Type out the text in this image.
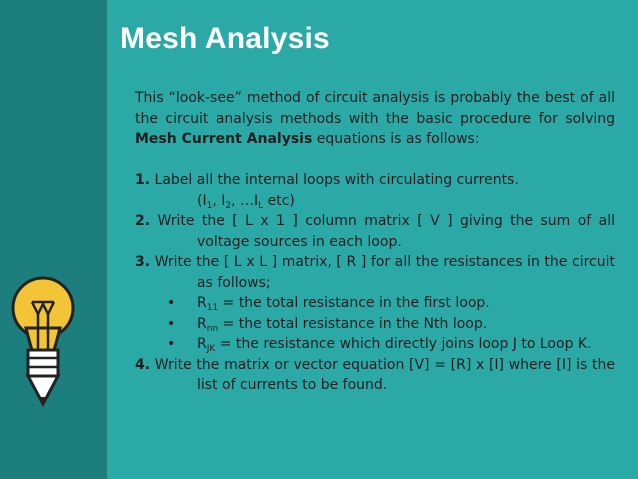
Mesh Analysis

This “look-see” method of circuit analysis is probably the best of all the circuit analysis methods with the basic procedure for solving Mesh Current Analysis equations is as follows:

1. Label all the internal loops with circulating currents.
($I_1$, $I_2$, $\dots I_L$ etc)

2. Write the [ L x 1 ] column matrix [ V ] giving the sum of all voltage sources in each loop.

3. Write the [ L x L ] matrix, [ R ] for all the resistances in the circuit as follows;

• $R_{11}$ = the total resistance in the first loop.

• $R_{nn}$ = the total resistance in the Nth loop.

• $R_{JK}$ = the resistance which directly joins loop J to Loop K.

4. Write the matrix or vector equation [V] = [R] x [I] where [I] is the list of currents to be found.
